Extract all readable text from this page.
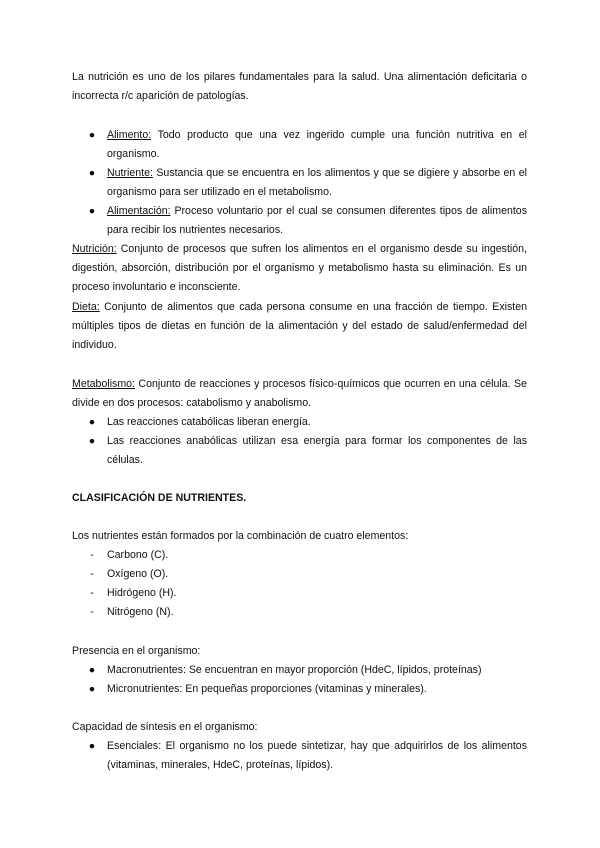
La nutrición es uno de los pilares fundamentales para la salud. Una alimentación deficitaria o incorrecta r/c aparición de patologías.

● Alimento: Todo producto que una vez ingerido cumple una función nutritiva en el organismo.
● Nutriente: Sustancia que se encuentra en los alimentos y que se digiere y absorbe en el organismo para ser utilizado en el metabolismo.
● Alimentación: Proceso voluntario por el cual se consumen diferentes tipos de alimentos para recibir los nutrientes necesarios.

Nutrición: Conjunto de procesos que sufren los alimentos en el organismo desde su ingestión, digestión, absorción, distribución por el organismo y metabolismo hasta su eliminación. Es un proceso involuntario e inconsciente.

Dieta: Conjunto de alimentos que cada persona consume en una fracción de tiempo. Existen múltiples tipos de dietas en función de la alimentación y del estado de salud/enfermedad del individuo.

Metabolismo: Conjunto de reacciones y procesos físico-químicos que ocurren en una célula. Se divide en dos procesos: catabolismo y anabolismo.

● Las reacciones catabólicas liberan energía.
● Las reacciones anabólicas utilizan esa energía para formar los componentes de las células.

CLASIFICACIÓN DE NUTRIENTES.

Los nutrientes están formados por la combinación de cuatro elementos:

-	Carbono (C).
-	Oxígeno (O).
-	Hidrógeno (H).
-	Nitrógeno (N).

Presencia en el organismo:

● Macronutrientes: Se encuentran en mayor proporción (HdeC, lípidos, proteínas)
● Micronutrientes: En pequeñas proporciones (vitaminas y minerales).

Capacidad de síntesis en el organismo:

● Esenciales: El organismo no los puede sintetizar, hay que adquirirlos de los alimentos (vitaminas, minerales, HdeC, proteínas, lípidos).
